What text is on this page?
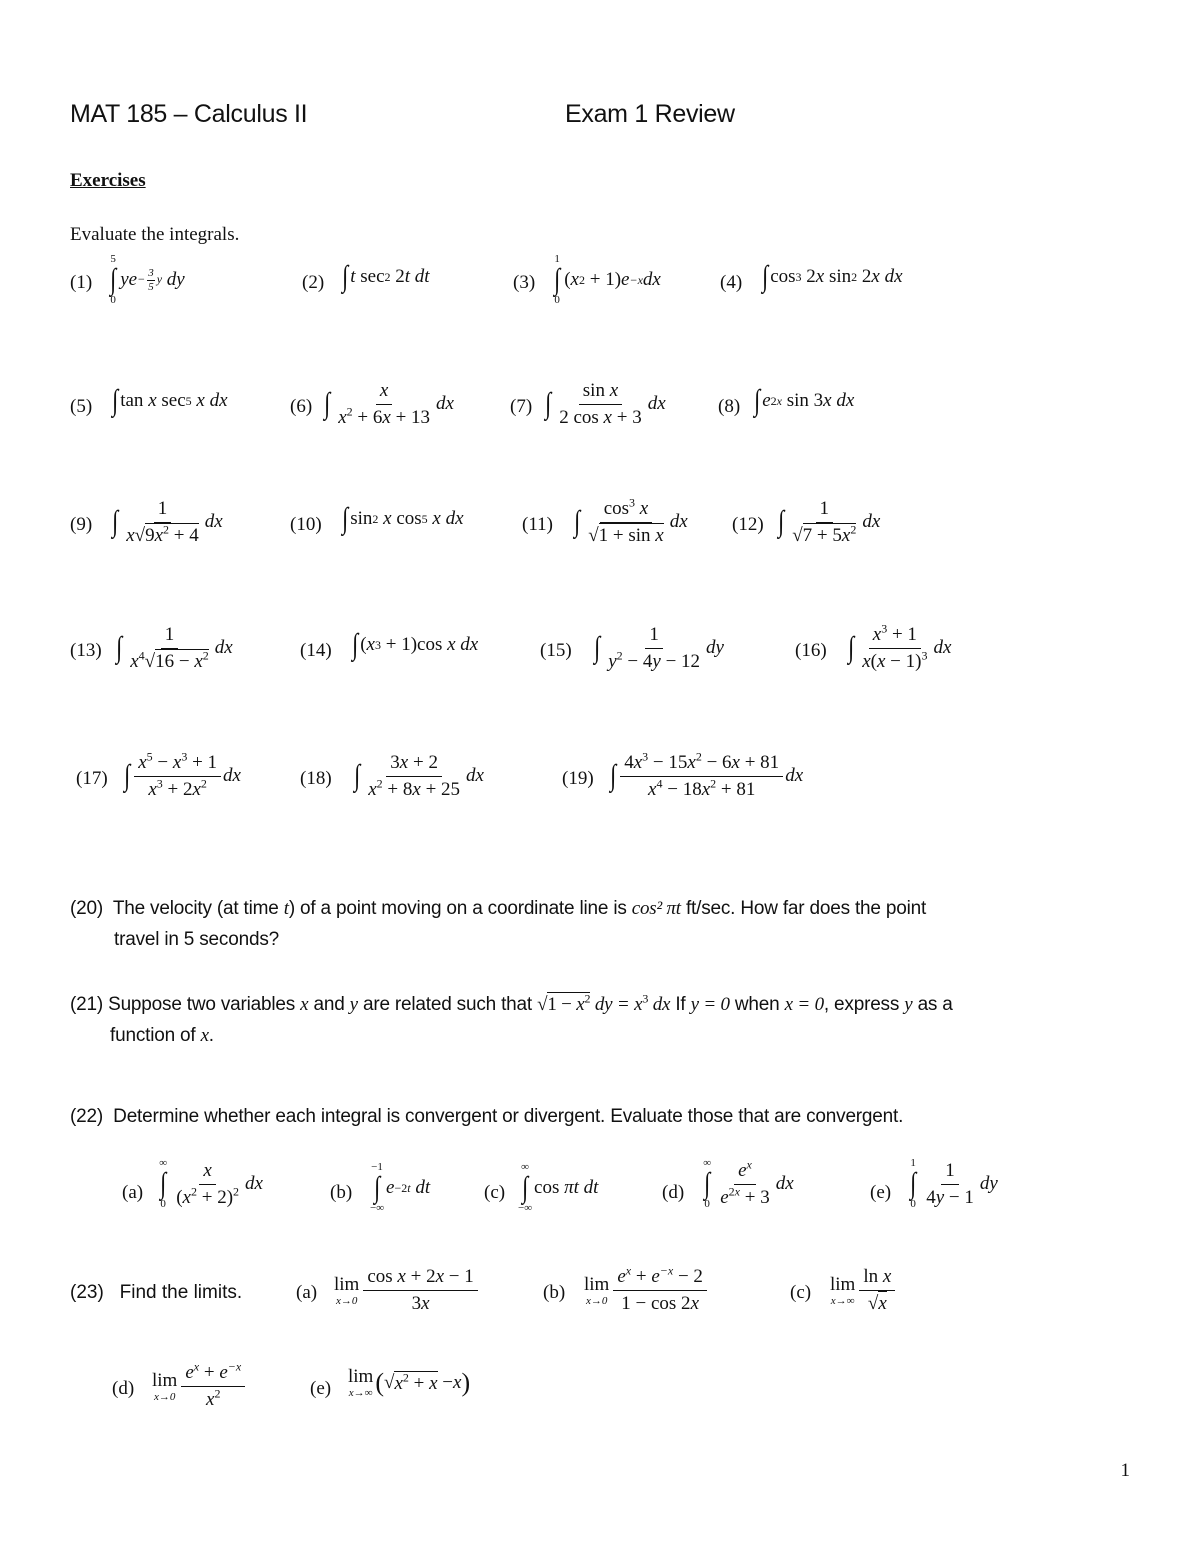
MAT 185 – Calculus II	Exam 1 Review
Exercises
Evaluate the integrals.
(1)
5
∫
0
ye − $\frac{3}{5}$ y dy	(2) ∫ t sec 2
2 t dt	(3)
1
∫
0
( x 2 + 1) e −x dx	(4) ∫ cos 3 2 x sin 2 2 x dx
(5) ∫ tan x sec 5 x dx	(6) ∫ $\frac{x}{x^2 + 6x + 13}$ dx	(7) ∫ $\frac{\text{sin x}}{\text{2 cos x + 3}}$ dx	(8) ∫ e 2x sin 3 x dx
(9) ∫ $\frac{1}{x√9x^2 + 4}$ dx	(10) ∫ sin 2 x cos 5 x dx	(11) ∫ $\frac{\cos^3 x}{\text{√1 + sin x}}$ dx (12) ∫ $\frac{1}{√7 + 5x^2}$ dx
(13) ∫ $\frac{1}{x^4√16 - x^2}$ dx	(14) ∫ ( x 3 + 1)cos x dx	(15) ∫ $\frac{1}{y^2 - 4y - 12}$ dy	(16) ∫ $\frac{x^3 + 1}{x(x - 1)^3}$ dx
(17) ∫ $\frac{x^5 - x^3 + 1}{x^3 + 2x^2}$ dx	(18) ∫ $\frac{3x + 2}{x^2 + 8x + 25}$ dx	(19) ∫ $\frac{4x^3 - 15x^2 - 6x + 81}{x^4 - 18x^2 + 81}$ dx
(20) The velocity (at time t) of a point moving on a coordinate line is cos² πt ft/sec. How far does the point
travel in 5 seconds?
(21) Suppose two variables x and y are related such that $√1 - x^2$ dy = $x^3$ dx If y = 0 when x = 0, express y as a
function of x.
(22) Determine whether each integral is convergent or divergent. Evaluate those that are convergent.
(a)
∞
∫
$0 \frac{x}{(x^2 + 2)^2}$ dx	(b)
−1
∫
−∞
e −2t dt	(c)
∞
∫
−∞
cos πt dt	(d)
∞
∫
$0 \frac{e^x}{e^{2x} + 3}$ dx	(e)
1
∫
$0 \frac{1}{4y - 1}$ dy
(23) Find the limits.	(a) lim
$x\to 0 \frac{\text{cos x + 2x − 1}}{3x}$	(b) lim
$x\to 0 \frac{e^x + e^{-x} - 2}{1 - \cos 2x}$	(c) lim
$x\to\infty \frac{\text{ln x}}{√x}$
(d) lim
$x\to 0 \frac{e^x + e^{-x}}{x^2}$	(e)
lim
x→∞ ( √ $x^2 + x - x$ )
1
